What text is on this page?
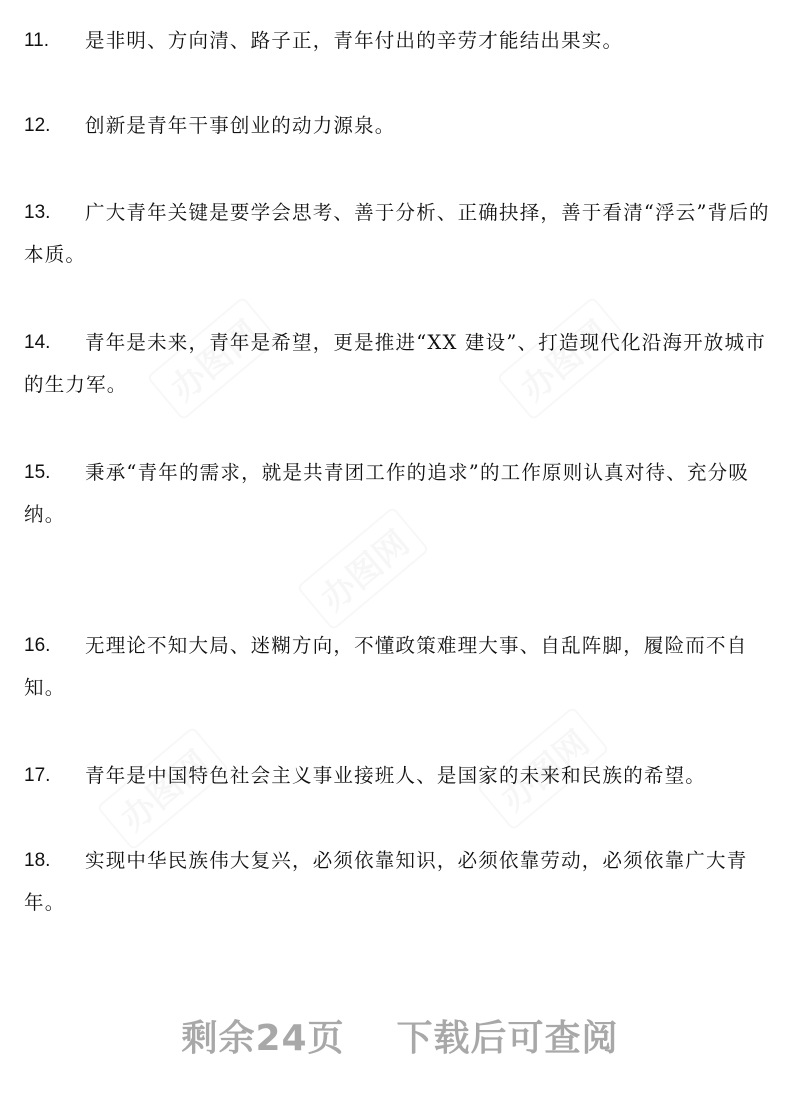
11.	是非明、方向清、路子正，青年付出的辛劳才能结出果实。
12.	创新是青年干事创业的动力源泉。
13.	广大青年关键是要学会思考、善于分析、正确抉择，善于看清“浮云”背后的本质。
14.	青年是未来，青年是希望，更是推进“XX 建设”、打造现代化沿海开放城市的生力军。
15.	秉承“青年的需求，就是共青团工作的追求”的工作原则认真对待、充分吸纳。
16.	无理论不知大局、迷糊方向，不懂政策难理大事、自乱阵脚，履险而不自知。
17.	青年是中国特色社会主义事业接班人、是国家的未来和民族的希望。
18.	实现中华民族伟大复兴，必须依靠知识，必须依靠劳动，必须依靠广大青年。
剩余24页 下载后可查阅
